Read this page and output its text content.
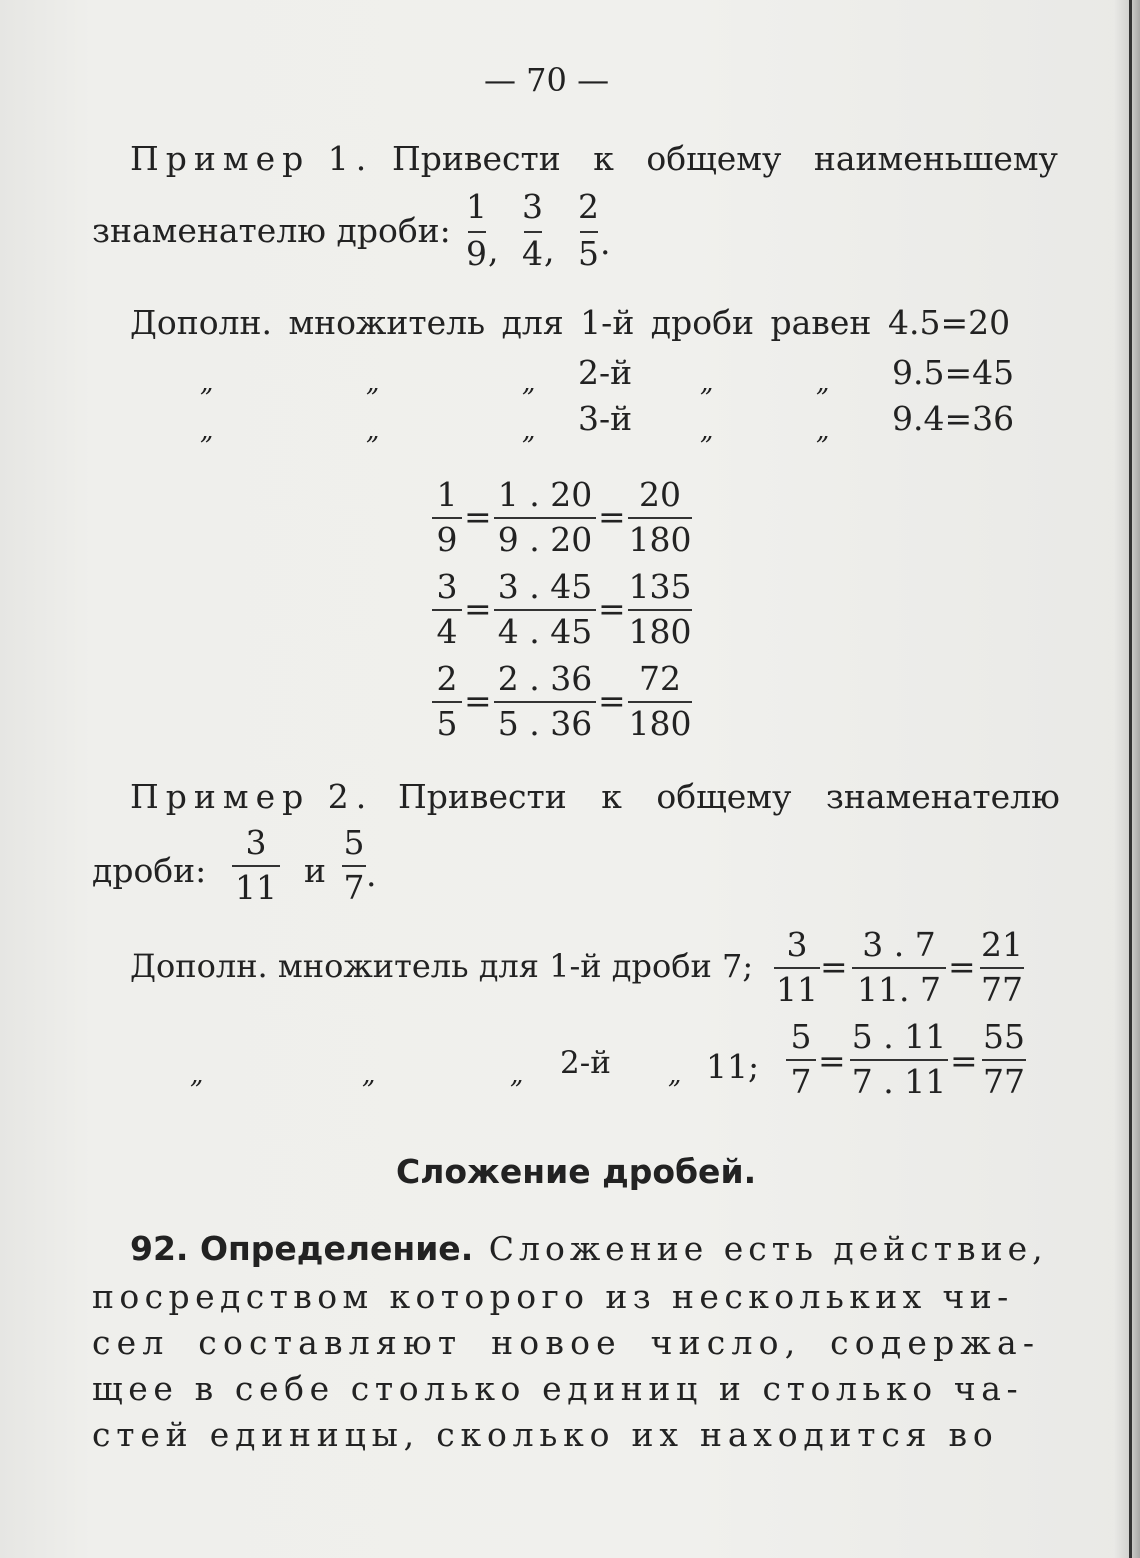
— 70 —
Пример 1. Привести к общему наименьшему
знаменателю дроби:
1
9 ,
3
4 ,
2
5 .
Дополн. множитель для 1-й дроби равен 4.5=20
„	„	„ 2-й	„	„ 9.5=45
„	„	„ 3-й	„	„ 9.4=36
1
9
=
1 . 20
9 . 20
=
20
180
3
4
=
3 . 45
4 . 45
=
135
180
2
5
=
2 . 36
5 . 36
=
72
180
Пример 2. Привести к общему знаменателю
дроби:
3
11 и
5
7 .
Дополн. множитель для 1-й дроби 7;
3
11
=
3 . 7
11. 7
=
21
77
„	„	„ 2-й „ 11;
5
7
=
5 . 11
7 . 11
=
55
77
Сложение дробей.
92. Определение. Сложение есть действие,
посредством которого из нескольких чи-
сел составляют новое число, содержа-
щее в себе столько единиц и столько ча-
стей единицы, сколько их находится во
